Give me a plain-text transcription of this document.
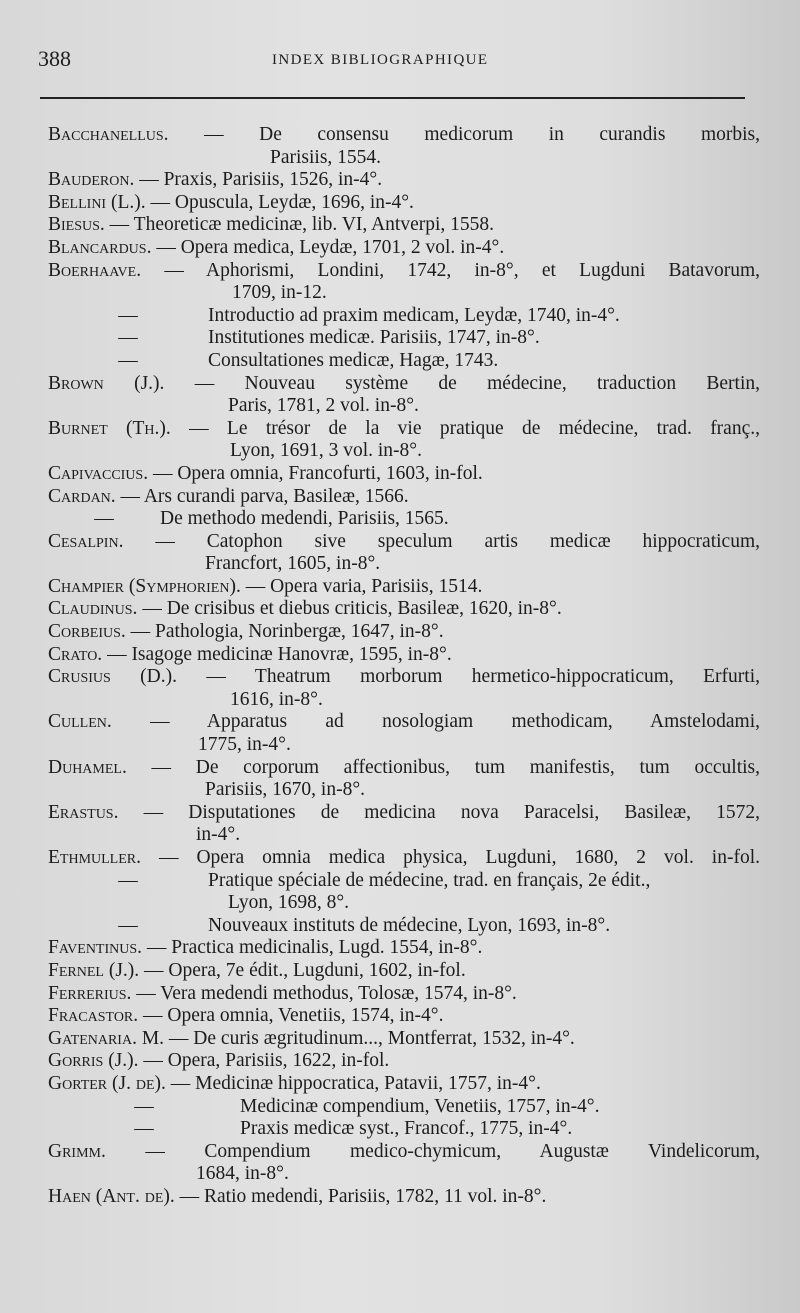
388	INDEX BIBLIOGRAPHIQUE
Bacchanellus. — De consensu medicorum in curandis morbis,
Parisiis, 1554.
Bauderon. — Praxis, Parisiis, 1526, in-4°.
Bellini (L.). — Opuscula, Leydæ, 1696, in-4°.
Biesus. — Theoreticæ medicinæ, lib. VI, Antverpi, 1558.
Blancardus. — Opera medica, Leydæ, 1701, 2 vol. in-4°.
Boerhaave. — Aphorismi, Londini, 1742, in-8°, et Lugduni Batavorum,
1709, in-12.
—	Introductio ad praxim medicam, Leydæ, 1740, in-4°.
—	Institutiones medicæ. Parisiis, 1747, in-8°.
—	Consultationes medicæ, Hagæ, 1743.
Brown (J.). — Nouveau système de médecine, traduction Bertin,
Paris, 1781, 2 vol. in-8°.
Burnet (Th.). — Le trésor de la vie pratique de médecine, trad. franç.,
Lyon, 1691, 3 vol. in-8°.
Capivaccius. — Opera omnia, Francofurti, 1603, in-fol.
Cardan. — Ars curandi parva, Basileæ, 1566.
—	De methodo medendi, Parisiis, 1565.
Cesalpin. — Catophon sive speculum artis medicæ hippocraticum,
Francfort, 1605, in-8°.
Champier (Symphorien). — Opera varia, Parisiis, 1514.
Claudinus. — De crisibus et diebus criticis, Basileæ, 1620, in-8°.
Corbeius. — Pathologia, Norinbergæ, 1647, in-8°.
Crato. — Isagoge medicinæ Hanovræ, 1595, in-8°.
Crusius (D.). — Theatrum morborum hermetico-hippocraticum, Erfurti,
1616, in-8°.
Cullen. — Apparatus ad nosologiam methodicam, Amstelodami,
1775, in-4°.
Duhamel. — De corporum affectionibus, tum manifestis, tum occultis,
Parisiis, 1670, in-8°.
Erastus. — Disputationes de medicina nova Paracelsi, Basileæ, 1572,
in-4°.
Ethmuller. — Opera omnia medica physica, Lugduni, 1680, 2 vol. in-fol.
—	Pratique spéciale de médecine, trad. en français, 2e édit.,
Lyon, 1698, 8°.
—	Nouveaux instituts de médecine, Lyon, 1693, in-8°.
Faventinus. — Practica medicinalis, Lugd. 1554, in-8°.
Fernel (J.). — Opera, 7e édit., Lugduni, 1602, in-fol.
Ferrerius. — Vera medendi methodus, Tolosæ, 1574, in-8°.
Fracastor. — Opera omnia, Venetiis, 1574, in-4°.
Gatenaria. M. — De curis ægritudinum..., Montferrat, 1532, in-4°.
Gorris (J.). — Opera, Parisiis, 1622, in-fol.
Gorter (J. de). — Medicinæ hippocratica, Patavii, 1757, in-4°.
—	Medicinæ compendium, Venetiis, 1757, in-4°.
—	Praxis medicæ syst., Francof., 1775, in-4°.
Grimm. — Compendium medico-chymicum, Augustæ Vindelicorum,
1684, in-8°.
Haen (Ant. de). — Ratio medendi, Parisiis, 1782, 11 vol. in-8°.
